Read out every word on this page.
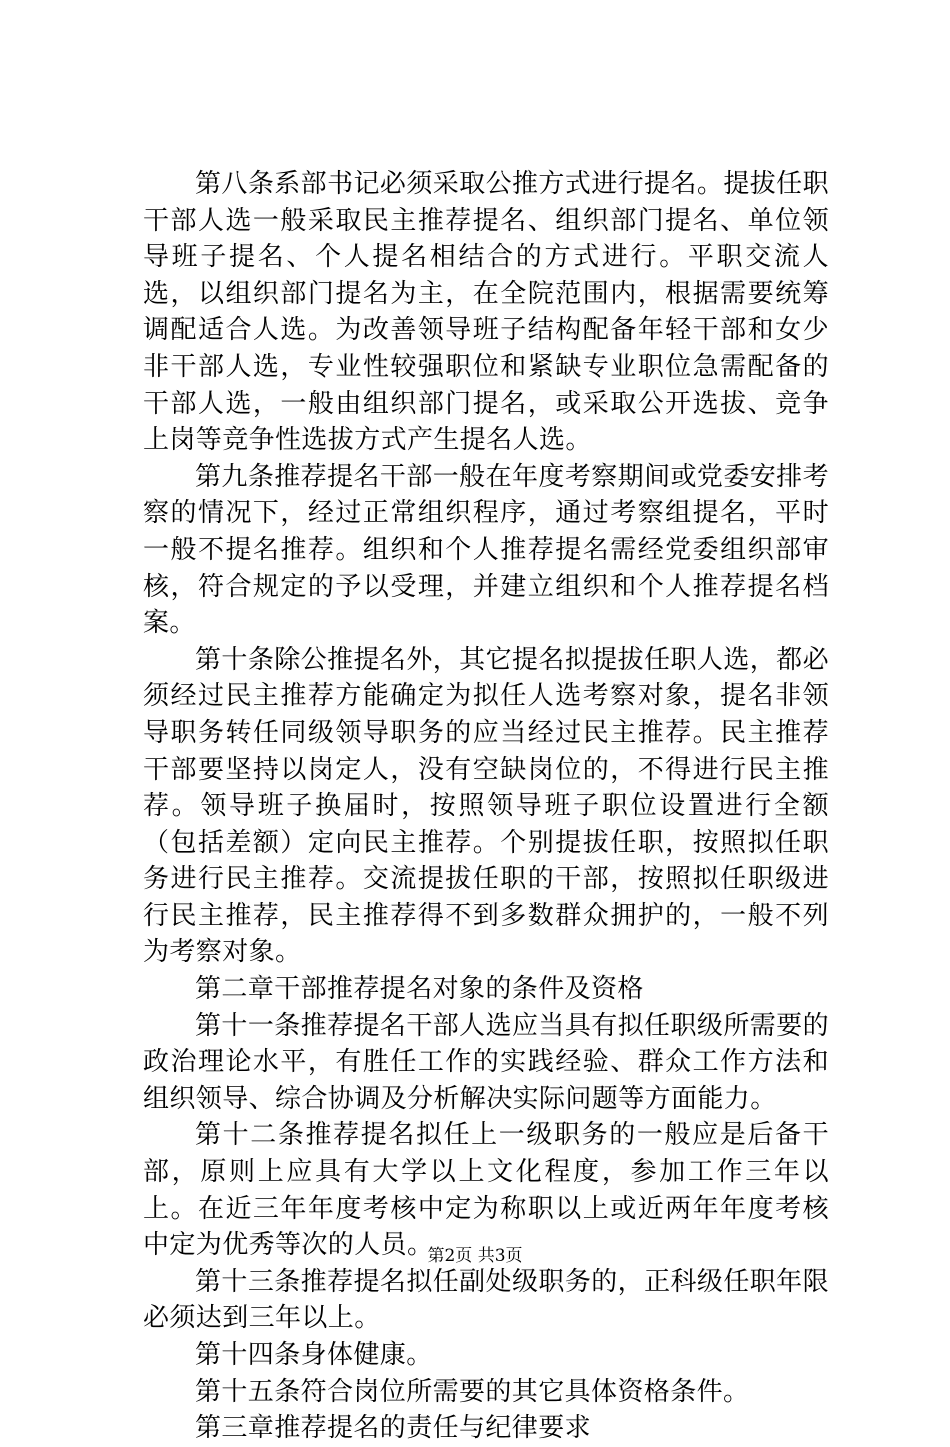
第八条系部书记必须采取公推方式进行提名。提拔任职干部人选一般采取民主推荐提名、组织部门提名、单位领导班子提名、个人提名相结合的方式进行。平职交流人选，以组织部门提名为主，在全院范围内，根据需要统筹调配适合人选。为改善领导班子结构配备年轻干部和女少非干部人选，专业性较强职位和紧缺专业职位急需配备的干部人选，一般由组织部门提名，或采取公开选拔、竞争上岗等竞争性选拔方式产生提名人选。

第九条推荐提名干部一般在年度考察期间或党委安排考察的情况下，经过正常组织程序，通过考察组提名，平时一般不提名推荐。组织和个人推荐提名需经党委组织部审核，符合规定的予以受理，并建立组织和个人推荐提名档案。

第十条除公推提名外，其它提名拟提拔任职人选，都必须经过民主推荐方能确定为拟任人选考察对象，提名非领导职务转任同级领导职务的应当经过民主推荐。民主推荐干部要坚持以岗定人，没有空缺岗位的，不得进行民主推荐。领导班子换届时，按照领导班子职位设置进行全额（包括差额）定向民主推荐。个别提拔任职，按照拟任职务进行民主推荐。交流提拔任职的干部，按照拟任职级进行民主推荐，民主推荐得不到多数群众拥护的，一般不列为考察对象。

第二章干部推荐提名对象的条件及资格

第十一条推荐提名干部人选应当具有拟任职级所需要的政治理论水平，有胜任工作的实践经验、群众工作方法和组织领导、综合协调及分析解决实际问题等方面能力。

第十二条推荐提名拟任上一级职务的一般应是后备干部，原则上应具有大学以上文化程度，参加工作三年以上。在近三年年度考核中定为称职以上或近两年年度考核中定为优秀等次的人员。

第十三条推荐提名拟任副处级职务的，正科级任职年限必须达到三年以上。

第十四条身体健康。

第十五条符合岗位所需要的其它具体资格条件。

第三章推荐提名的责任与纪律要求

第2页 共3页
